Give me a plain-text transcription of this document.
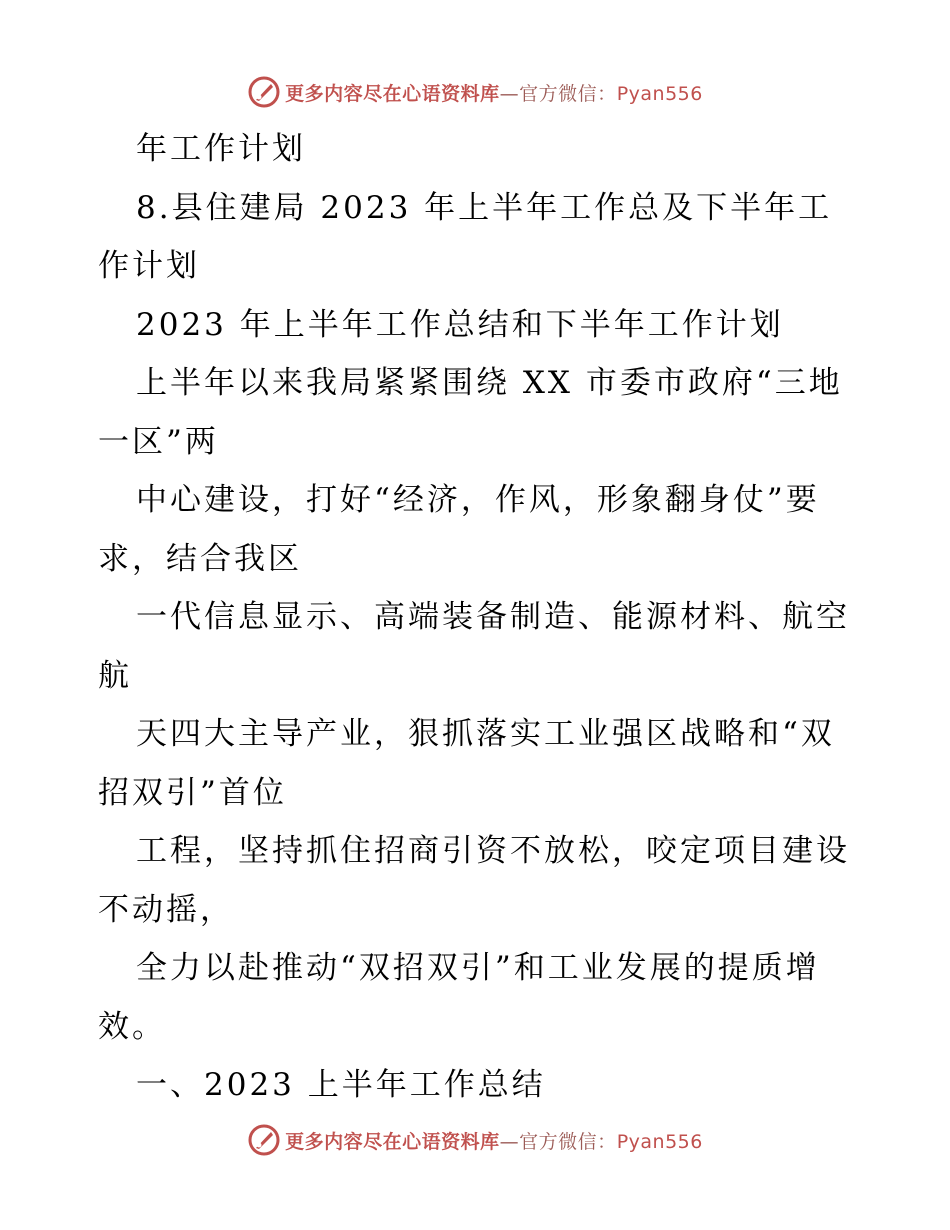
更多内容尽在心语资料库—官方微信：Pyan556

年工作计划

8.县住建局 2023 年上半年工作总及下半年工作计划

2023 年上半年工作总结和下半年工作计划

上半年以来我局紧紧围绕 XX 市委市政府“三地一区”两

中心建设，打好“经济，作风，形象翻身仗”要求，结合我区

一代信息显示、高端装备制造、能源材料、航空航

天四大主导产业，狠抓落实工业强区战略和“双招双引”首位

工程，坚持抓住招商引资不放松，咬定项目建设不动摇，

全力以赴推动“双招双引”和工业发展的提质增效。

一、2023 上半年工作总结

更多内容尽在心语资料库—官方微信：Pyan556
